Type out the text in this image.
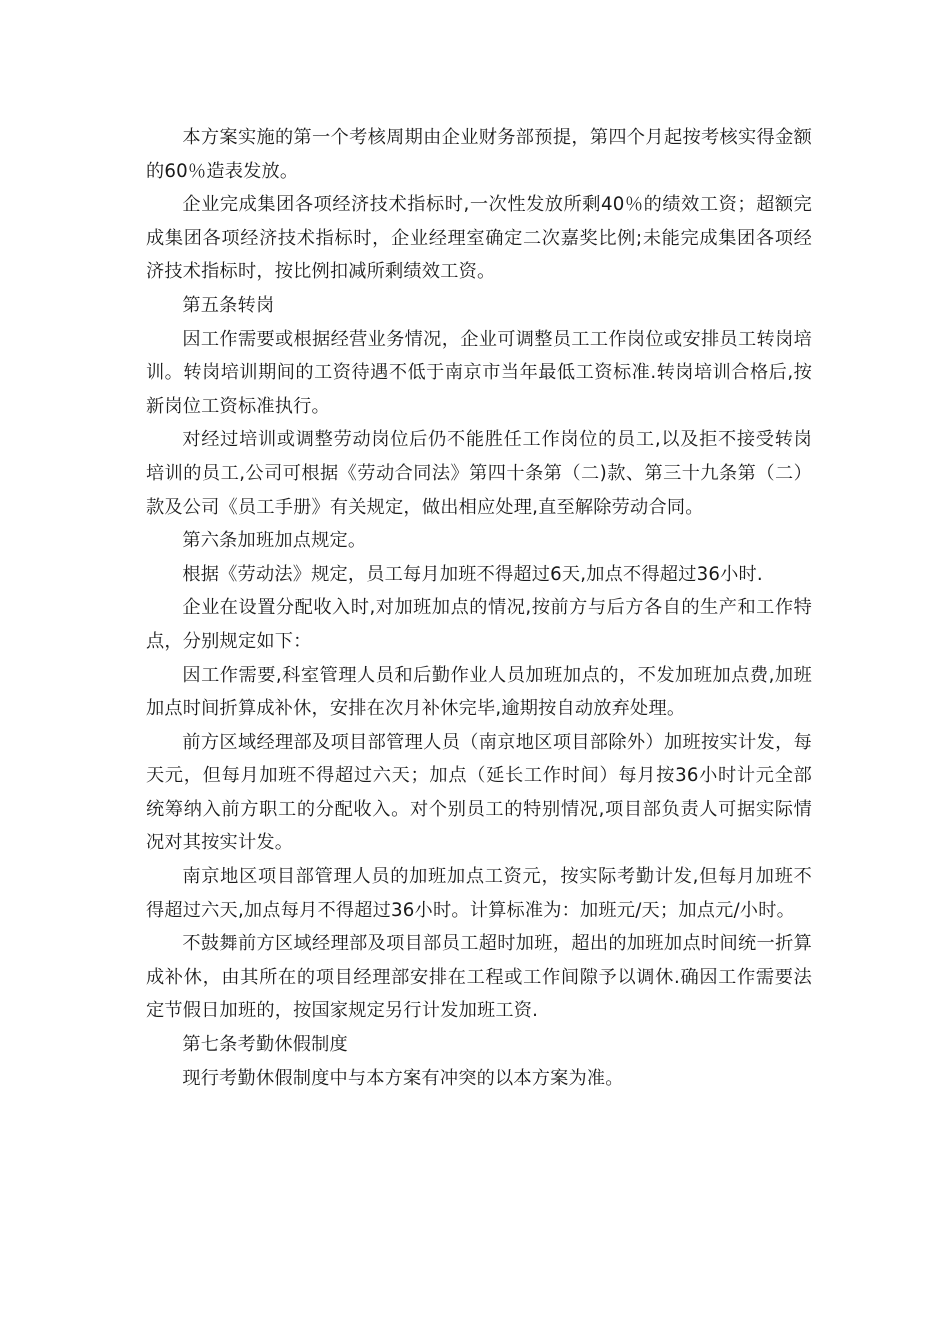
本方案实施的第一个考核周期由企业财务部预提，第四个月起按考核实得金额的60％造表发放。

企业完成集团各项经济技术指标时,一次性发放所剩40％的绩效工资；超额完成集团各项经济技术指标时，企业经理室确定二次嘉奖比例;未能完成集团各项经济技术指标时，按比例扣减所剩绩效工资。

第五条转岗

因工作需要或根据经营业务情况，企业可调整员工工作岗位或安排员工转岗培训。转岗培训期间的工资待遇不低于南京市当年最低工资标准.转岗培训合格后,按新岗位工资标准执行。

对经过培训或调整劳动岗位后仍不能胜任工作岗位的员工,以及拒不接受转岗培训的员工,公司可根据《劳动合同法》第四十条第（二)款、第三十九条第（二）款及公司《员工手册》有关规定，做出相应处理,直至解除劳动合同。

第六条加班加点规定。

根据《劳动法》规定，员工每月加班不得超过6天,加点不得超过36小时.

企业在设置分配收入时,对加班加点的情况,按前方与后方各自的生产和工作特点，分别规定如下：

因工作需要,科室管理人员和后勤作业人员加班加点的，不发加班加点费,加班加点时间折算成补休，安排在次月补休完毕,逾期按自动放弃处理。

前方区域经理部及项目部管理人员（南京地区项目部除外）加班按实计发，每天元，但每月加班不得超过六天；加点（延长工作时间）每月按36小时计元全部统筹纳入前方职工的分配收入。对个别员工的特别情况,项目部负责人可据实际情况对其按实计发。

南京地区项目部管理人员的加班加点工资元，按实际考勤计发,但每月加班不得超过六天,加点每月不得超过36小时。计算标准为：加班元/天；加点元/小时。

不鼓舞前方区域经理部及项目部员工超时加班，超出的加班加点时间统一折算成补休，由其所在的项目经理部安排在工程或工作间隙予以调休.确因工作需要法定节假日加班的，按国家规定另行计发加班工资.

第七条考勤休假制度

现行考勤休假制度中与本方案有冲突的以本方案为准。
